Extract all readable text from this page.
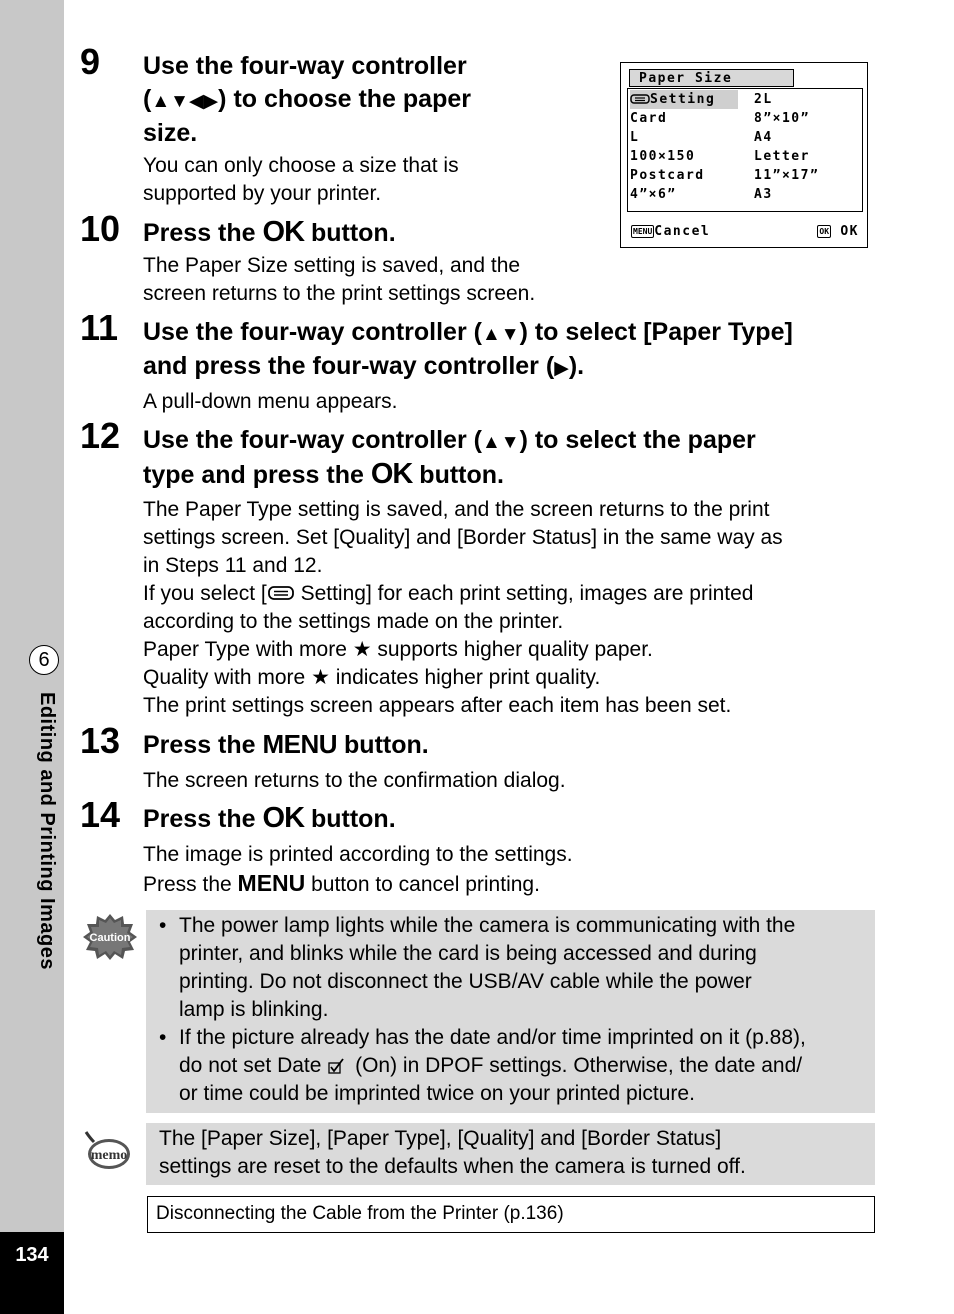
6
Editing and Printing Images
134
9 Use the four-way controller
(▲▼◀▶) to choose the paper
size.
You can only choose a size that is
supported by your printer.
Paper Size
Setting
Card
L
100×150
Postcard
4”×6”
2L
8”×10”
A4
Letter
11”×17”
A3
MENU Cancel	OK OK
10 Press the OK button.
The Paper Size setting is saved, and the
screen returns to the print settings screen.
11 Use the four-way controller (▲▼) to select [Paper Type]
and press the four-way controller (▶).
A pull-down menu appears.
12 Use the four-way controller (▲▼) to select the paper
type and press the OK button.
The Paper Type setting is saved, and the screen returns to the print
settings screen. Set [Quality] and [Border Status] in the same way as
in Steps 11 and 12.
If you select [ Setting] for each print setting, images are printed
according to the settings made on the printer.
Paper Type with more ★ supports higher quality paper.
Quality with more ★ indicates higher print quality.
The print settings screen appears after each item has been set.
13 Press the MENU button.
The screen returns to the confirmation dialog.
14 Press the OK button.
The image is printed according to the settings.
Press the MENU button to cancel printing.
Caution
• The power lamp lights while the camera is communicating with the
printer, and blinks while the card is being accessed and during
printing. Do not disconnect the USB/AV cable while the power
lamp is blinking.
• If the picture already has the date and/or time imprinted on it (p.88),
do not set Date  (On) in DPOF settings. Otherwise, the date and/
or time could be imprinted twice on your printed picture.
memo
The [Paper Size], [Paper Type], [Quality] and [Border Status]
settings are reset to the defaults when the camera is turned off.
Disconnecting the Cable from the Printer (p.136)
